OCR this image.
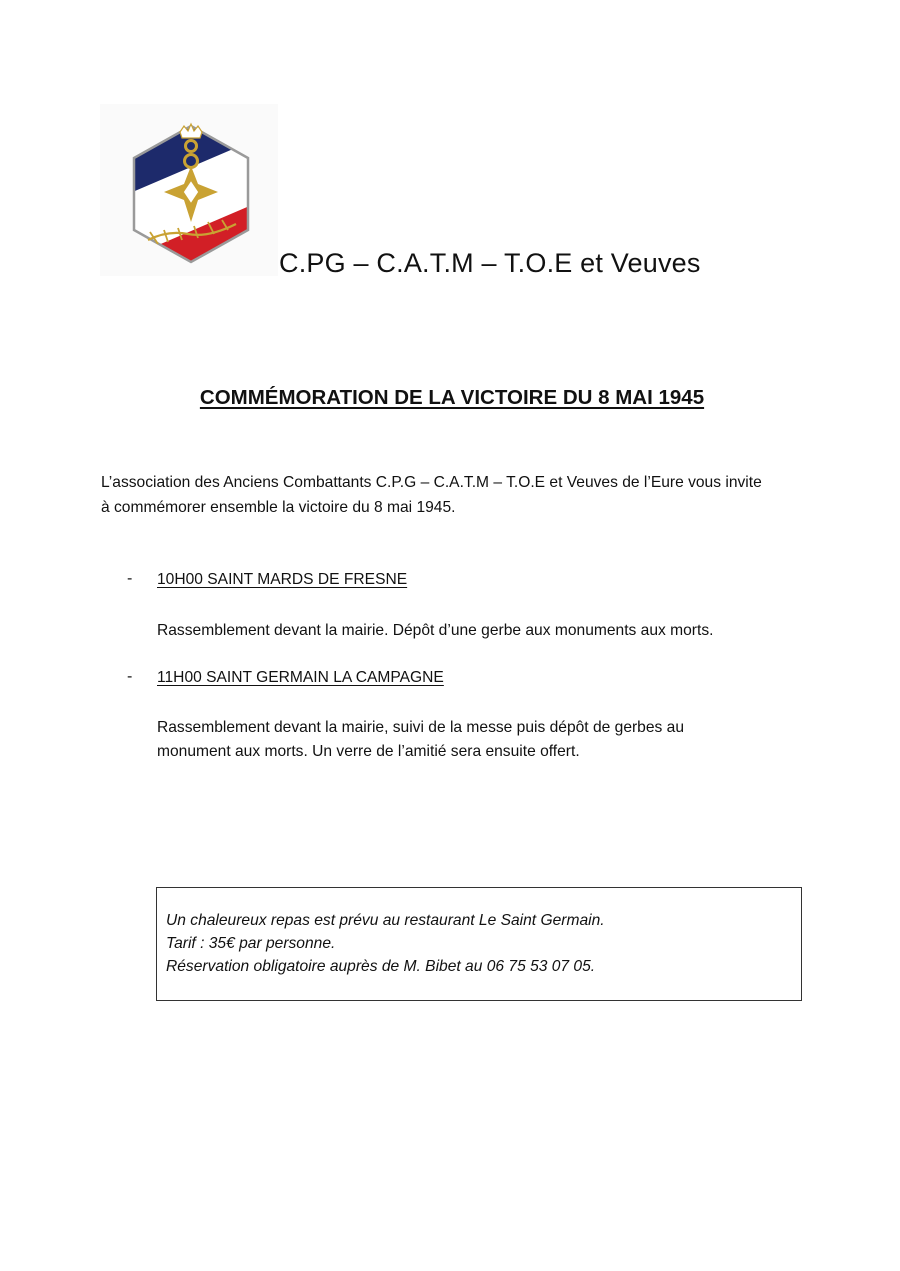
C.PG – C.A.T.M – T.O.E et Veuves
COMMÉMORATION DE LA VICTOIRE DU 8 MAI 1945
L’association des Anciens Combattants C.P.G – C.A.T.M – T.O.E et Veuves de l’Eure vous invite
à commémorer ensemble la victoire du 8 mai 1945.
- 10H00 SAINT MARDS DE FRESNE
Rassemblement devant la mairie. Dépôt d’une gerbe aux monuments aux morts.
- 11H00 SAINT GERMAIN LA CAMPAGNE
Rassemblement devant la mairie, suivi de la messe puis dépôt de gerbes au
monument aux morts. Un verre de l’amitié sera ensuite offert.
Un chaleureux repas est prévu au restaurant Le Saint Germain.
Tarif : 35€ par personne.
Réservation obligatoire auprès de M. Bibet au 06 75 53 07 05.
